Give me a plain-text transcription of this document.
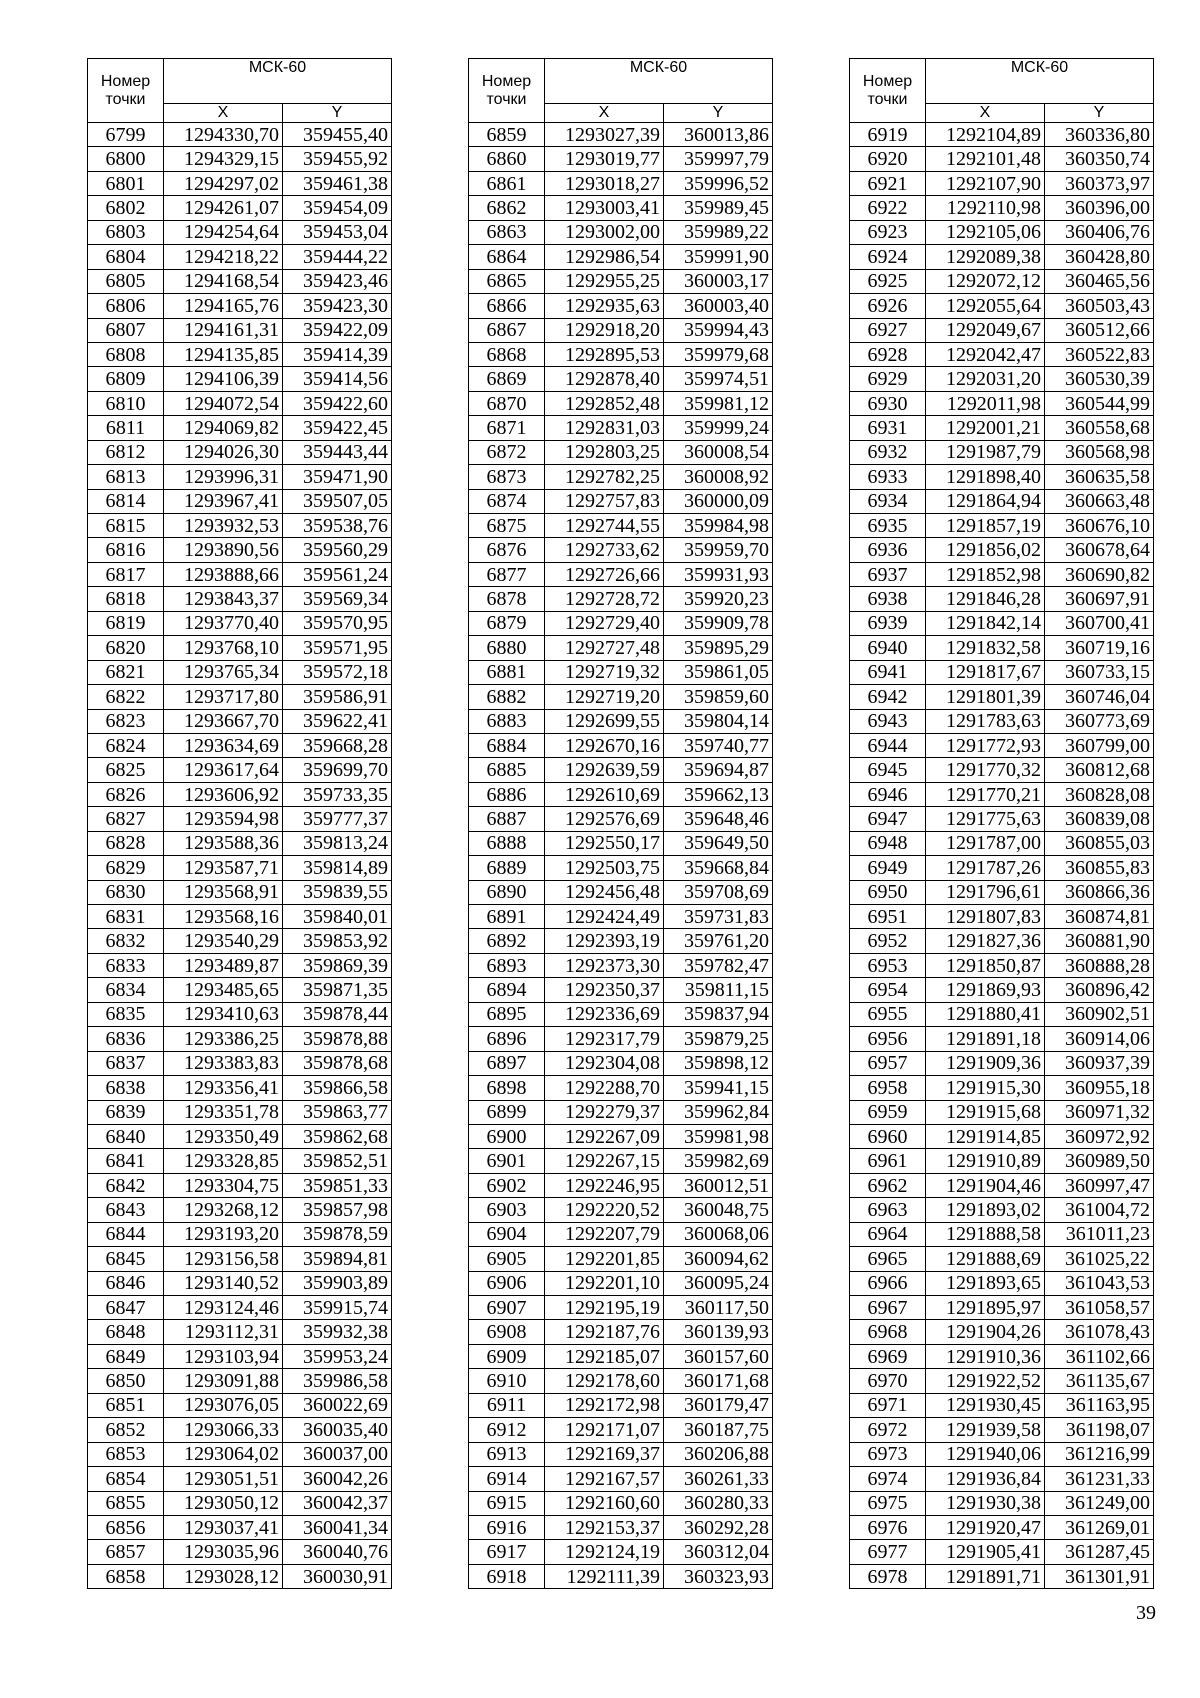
Номер
точки	МСК-60	
	X	Y
6799	1294330,70	359455,40
6800	1294329,15	359455,92
6801	1294297,02	359461,38
6802	1294261,07	359454,09
6803	1294254,64	359453,04
6804	1294218,22	359444,22
6805	1294168,54	359423,46
6806	1294165,76	359423,30
6807	1294161,31	359422,09
6808	1294135,85	359414,39
6809	1294106,39	359414,56
6810	1294072,54	359422,60
6811	1294069,82	359422,45
6812	1294026,30	359443,44
6813	1293996,31	359471,90
6814	1293967,41	359507,05
6815	1293932,53	359538,76
6816	1293890,56	359560,29
6817	1293888,66	359561,24
6818	1293843,37	359569,34
6819	1293770,40	359570,95
6820	1293768,10	359571,95
6821	1293765,34	359572,18
6822	1293717,80	359586,91
6823	1293667,70	359622,41
6824	1293634,69	359668,28
6825	1293617,64	359699,70
6826	1293606,92	359733,35
6827	1293594,98	359777,37
6828	1293588,36	359813,24
6829	1293587,71	359814,89
6830	1293568,91	359839,55
6831	1293568,16	359840,01
6832	1293540,29	359853,92
6833	1293489,87	359869,39
6834	1293485,65	359871,35
6835	1293410,63	359878,44
6836	1293386,25	359878,88
6837	1293383,83	359878,68
6838	1293356,41	359866,58
6839	1293351,78	359863,77
6840	1293350,49	359862,68
6841	1293328,85	359852,51
6842	1293304,75	359851,33
6843	1293268,12	359857,98
6844	1293193,20	359878,59
6845	1293156,58	359894,81
6846	1293140,52	359903,89
6847	1293124,46	359915,74
6848	1293112,31	359932,38
6849	1293103,94	359953,24
6850	1293091,88	359986,58
6851	1293076,05	360022,69
6852	1293066,33	360035,40
6853	1293064,02	360037,00
6854	1293051,51	360042,26
6855	1293050,12	360042,37
6856	1293037,41	360041,34
6857	1293035,96	360040,76
6858	1293028,12	360030,91
Номер
точки	МСК-60	
	X	Y
6859	1293027,39	360013,86
6860	1293019,77	359997,79
6861	1293018,27	359996,52
6862	1293003,41	359989,45
6863	1293002,00	359989,22
6864	1292986,54	359991,90
6865	1292955,25	360003,17
6866	1292935,63	360003,40
6867	1292918,20	359994,43
6868	1292895,53	359979,68
6869	1292878,40	359974,51
6870	1292852,48	359981,12
6871	1292831,03	359999,24
6872	1292803,25	360008,54
6873	1292782,25	360008,92
6874	1292757,83	360000,09
6875	1292744,55	359984,98
6876	1292733,62	359959,70
6877	1292726,66	359931,93
6878	1292728,72	359920,23
6879	1292729,40	359909,78
6880	1292727,48	359895,29
6881	1292719,32	359861,05
6882	1292719,20	359859,60
6883	1292699,55	359804,14
6884	1292670,16	359740,77
6885	1292639,59	359694,87
6886	1292610,69	359662,13
6887	1292576,69	359648,46
6888	1292550,17	359649,50
6889	1292503,75	359668,84
6890	1292456,48	359708,69
6891	1292424,49	359731,83
6892	1292393,19	359761,20
6893	1292373,30	359782,47
6894	1292350,37	359811,15
6895	1292336,69	359837,94
6896	1292317,79	359879,25
6897	1292304,08	359898,12
6898	1292288,70	359941,15
6899	1292279,37	359962,84
6900	1292267,09	359981,98
6901	1292267,15	359982,69
6902	1292246,95	360012,51
6903	1292220,52	360048,75
6904	1292207,79	360068,06
6905	1292201,85	360094,62
6906	1292201,10	360095,24
6907	1292195,19	360117,50
6908	1292187,76	360139,93
6909	1292185,07	360157,60
6910	1292178,60	360171,68
6911	1292172,98	360179,47
6912	1292171,07	360187,75
6913	1292169,37	360206,88
6914	1292167,57	360261,33
6915	1292160,60	360280,33
6916	1292153,37	360292,28
6917	1292124,19	360312,04
6918	1292111,39	360323,93
Номер
точки	МСК-60	
	X	Y
6919	1292104,89	360336,80
6920	1292101,48	360350,74
6921	1292107,90	360373,97
6922	1292110,98	360396,00
6923	1292105,06	360406,76
6924	1292089,38	360428,80
6925	1292072,12	360465,56
6926	1292055,64	360503,43
6927	1292049,67	360512,66
6928	1292042,47	360522,83
6929	1292031,20	360530,39
6930	1292011,98	360544,99
6931	1292001,21	360558,68
6932	1291987,79	360568,98
6933	1291898,40	360635,58
6934	1291864,94	360663,48
6935	1291857,19	360676,10
6936	1291856,02	360678,64
6937	1291852,98	360690,82
6938	1291846,28	360697,91
6939	1291842,14	360700,41
6940	1291832,58	360719,16
6941	1291817,67	360733,15
6942	1291801,39	360746,04
6943	1291783,63	360773,69
6944	1291772,93	360799,00
6945	1291770,32	360812,68
6946	1291770,21	360828,08
6947	1291775,63	360839,08
6948	1291787,00	360855,03
6949	1291787,26	360855,83
6950	1291796,61	360866,36
6951	1291807,83	360874,81
6952	1291827,36	360881,90
6953	1291850,87	360888,28
6954	1291869,93	360896,42
6955	1291880,41	360902,51
6956	1291891,18	360914,06
6957	1291909,36	360937,39
6958	1291915,30	360955,18
6959	1291915,68	360971,32
6960	1291914,85	360972,92
6961	1291910,89	360989,50
6962	1291904,46	360997,47
6963	1291893,02	361004,72
6964	1291888,58	361011,23
6965	1291888,69	361025,22
6966	1291893,65	361043,53
6967	1291895,97	361058,57
6968	1291904,26	361078,43
6969	1291910,36	361102,66
6970	1291922,52	361135,67
6971	1291930,45	361163,95
6972	1291939,58	361198,07
6973	1291940,06	361216,99
6974	1291936,84	361231,33
6975	1291930,38	361249,00
6976	1291920,47	361269,01
6977	1291905,41	361287,45
6978	1291891,71	361301,91
39
